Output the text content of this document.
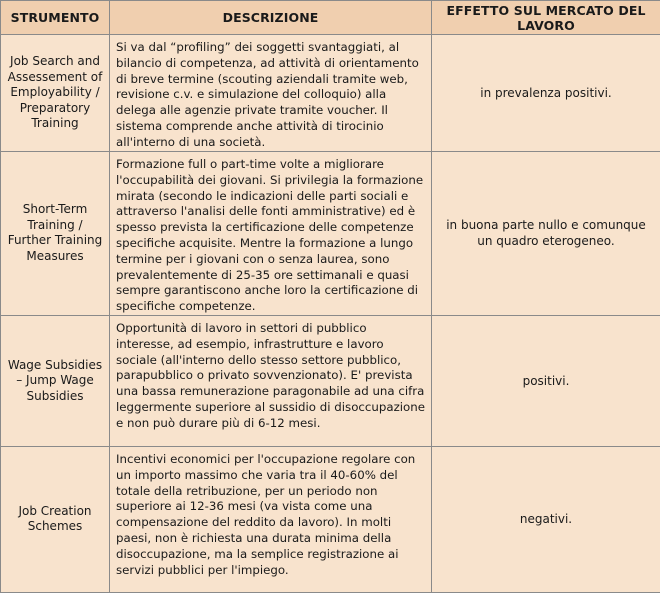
STRUMENTO	DESCRIZIONE	EFFETTO SUL MERCATO DEL LAVORO

Job Search and Assessement of Employability / Preparatory Training	Si va dal “profiling” dei soggetti svantaggiati, al bilancio di competenza, ad attività di orientamento di breve termine (scouting aziendali tramite web, revisione c.v. e simulazione del colloquio) alla delega alle agenzie private tramite voucher. Il sistema comprende anche attività di tirocinio all'interno di una società.	in prevalenza positivi.

Short-Term Training / Further Training Measures	Formazione full o part-time volte a migliorare l'occupabilità dei giovani. Si privilegia la formazione mirata (secondo le indicazioni delle parti sociali e attraverso l'analisi delle fonti amministrative) ed è spesso prevista la certificazione delle competenze specifiche acquisite. Mentre la formazione a lungo termine per i giovani con o senza laurea, sono prevalentemente di 25-35 ore settimanali e quasi sempre garantiscono anche loro la certificazione di specifiche competenze.	in buona parte nullo e comunque un quadro eterogeneo.

Wage Subsidies – Jump Wage Subsidies	Opportunità di lavoro in settori di pubblico interesse, ad esempio, infrastrutture e lavoro sociale (all'interno dello stesso settore pubblico, parapubblico o privato sovvenzionato). E' prevista una bassa remunerazione paragonabile ad una cifra leggermente superiore al sussidio di disoccupazione e non può durare più di 6-12 mesi.	positivi.

Job Creation Schemes	Incentivi economici per l'occupazione regolare con un importo massimo che varia tra il 40-60% del totale della retribuzione, per un periodo non superiore ai 12-36 mesi (va vista come una compensazione del reddito da lavoro). In molti paesi, non è richiesta una durata minima della disoccupazione, ma la semplice registrazione ai servizi pubblici per l'impiego.	negativi.
